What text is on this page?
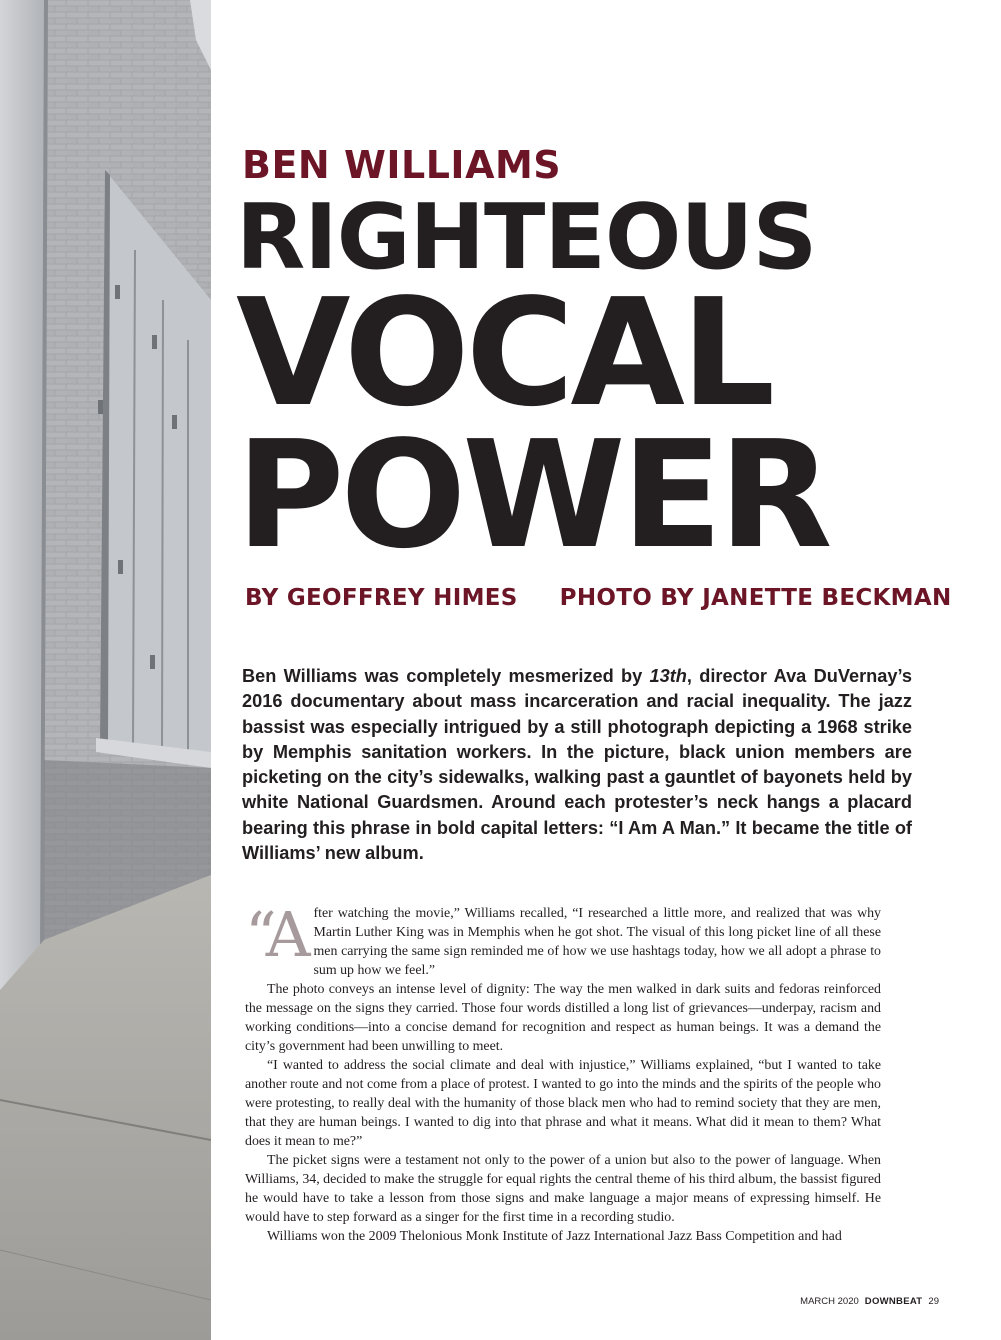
BEN WILLIAMS
RIGHTEOUS
VOCAL
POWER
BY GEOFFREY HIMES PHOTO BY JANETTE BECKMAN

Ben Williams was completely mesmerized by 13th, director Ava DuVernay’s 2016 documentary about mass incarceration and racial inequality. The jazz bassist was especially intrigued by a still photograph depicting a 1968 strike by Memphis sanitation workers. In the picture, black union members are picketing on the city’s sidewalks, walking past a gauntlet of bayonets held by white National Guardsmen. Around each protester’s neck hangs a placard bearing this phrase in bold capital letters: “I Am A Man.” It became the title of Williams’ new album.

“After watching the movie,” Williams recalled, “I researched a little more, and realized that was why Martin Luther King was in Memphis when he got shot. The visual of this long picket line of all these men carrying the same sign reminded me of how we use hashtags today, how we all adopt a phrase to sum up how we feel.”

The photo conveys an intense level of dignity: The way the men walked in dark suits and fedoras reinforced the message on the signs they carried. Those four words distilled a long list of grievances—underpay, racism and working conditions—into a concise demand for recognition and respect as human beings. It was a demand the city’s government had been unwilling to meet.

“I wanted to address the social climate and deal with injustice,” Williams explained, “but I wanted to take another route and not come from a place of protest. I wanted to go into the minds and the spirits of the people who were protesting, to really deal with the humanity of those black men who had to remind society that they are men, that they are human beings. I wanted to dig into that phrase and what it means. What did it mean to them? What does it mean to me?”

The picket signs were a testament not only to the power of a union but also to the power of language. When Williams, 34, decided to make the struggle for equal rights the central theme of his third album, the bassist figured he would have to take a lesson from those signs and make language a major means of expressing himself. He would have to step forward as a singer for the first time in a recording studio.

Williams won the 2009 Thelonious Monk Institute of Jazz International Jazz Bass Competition and had

MARCH 2020 DOWNBEAT 29
